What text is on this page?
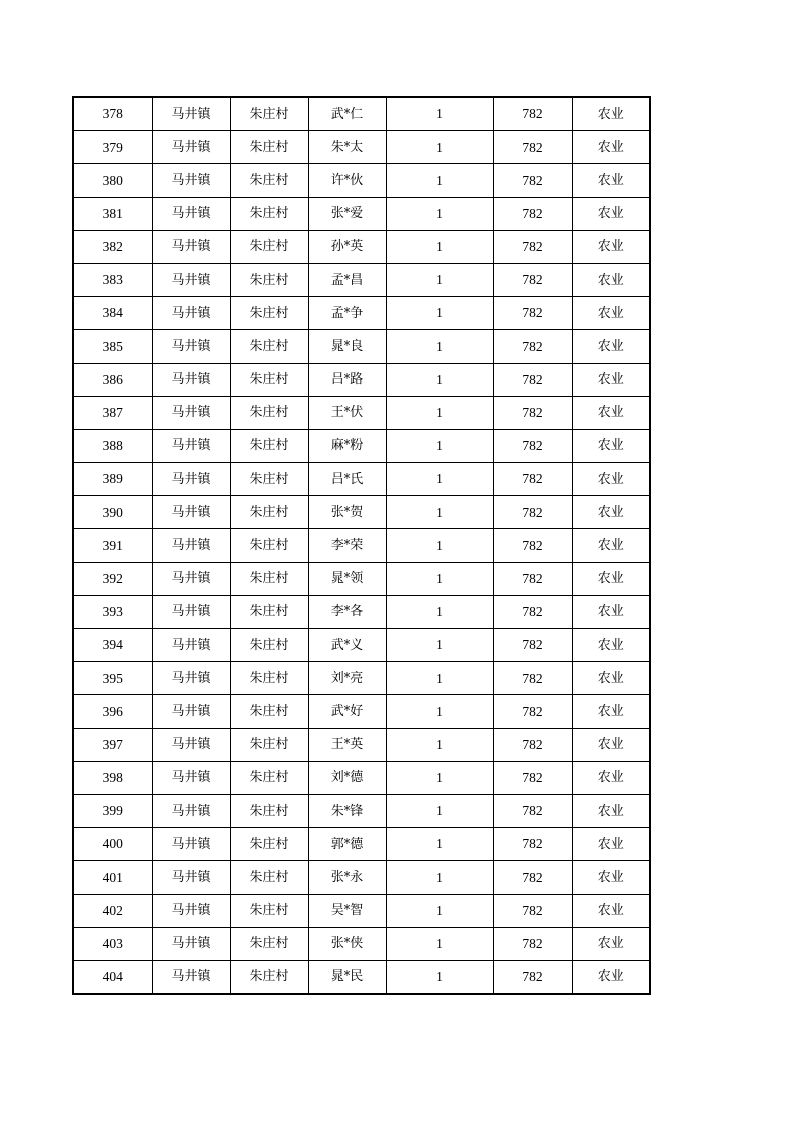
378	马井镇	朱庄村	武*仁	1	782	农业
379	马井镇	朱庄村	朱*太	1	782	农业
380	马井镇	朱庄村	许*伙	1	782	农业
381	马井镇	朱庄村	张*爱	1	782	农业
382	马井镇	朱庄村	孙*英	1	782	农业
383	马井镇	朱庄村	孟*昌	1	782	农业
384	马井镇	朱庄村	孟*争	1	782	农业
385	马井镇	朱庄村	晁*良	1	782	农业
386	马井镇	朱庄村	吕*路	1	782	农业
387	马井镇	朱庄村	王*伏	1	782	农业
388	马井镇	朱庄村	麻*粉	1	782	农业
389	马井镇	朱庄村	吕*氏	1	782	农业
390	马井镇	朱庄村	张*贺	1	782	农业
391	马井镇	朱庄村	李*荣	1	782	农业
392	马井镇	朱庄村	晁*领	1	782	农业
393	马井镇	朱庄村	李*各	1	782	农业
394	马井镇	朱庄村	武*义	1	782	农业
395	马井镇	朱庄村	刘*亮	1	782	农业
396	马井镇	朱庄村	武*好	1	782	农业
397	马井镇	朱庄村	王*英	1	782	农业
398	马井镇	朱庄村	刘*德	1	782	农业
399	马井镇	朱庄村	朱*锋	1	782	农业
400	马井镇	朱庄村	郭*德	1	782	农业
401	马井镇	朱庄村	张*永	1	782	农业
402	马井镇	朱庄村	吴*智	1	782	农业
403	马井镇	朱庄村	张*侠	1	782	农业
404	马井镇	朱庄村	晁*民	1	782	农业
